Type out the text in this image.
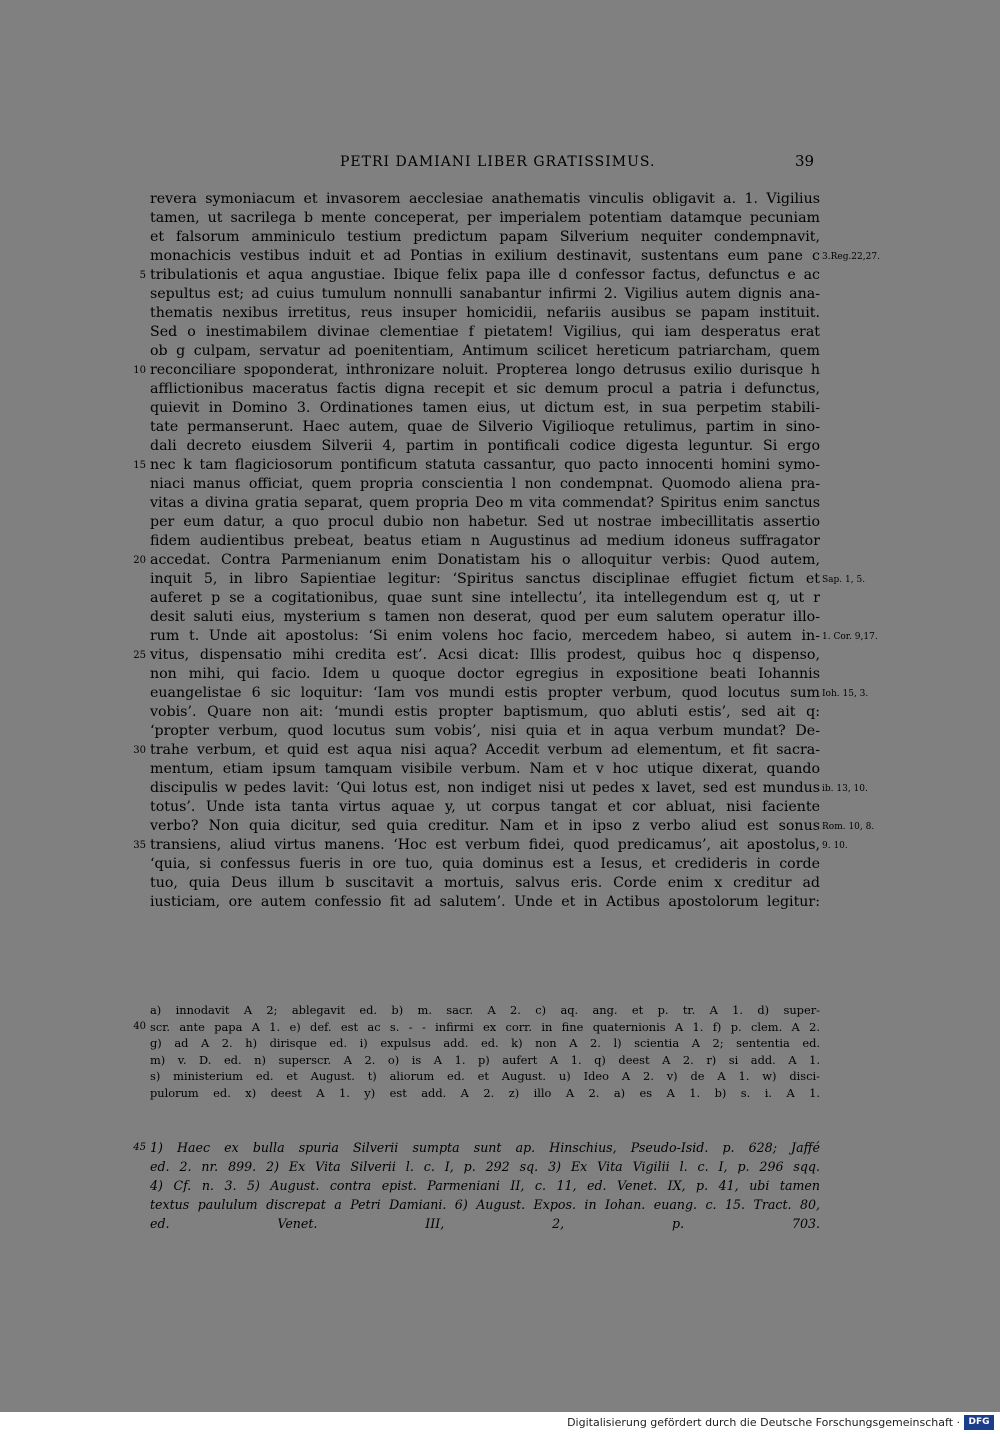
PETRI DAMIANI LIBER GRATISSIMUS.	39
revera symoniacum et invasorem aecclesiae anathematis vinculis obligavit a. 1. Vigilius
tamen, ut sacrilega b mente conceperat, per imperialem potentiam datamque pecuniam
et falsorum amminiculo testium predictum papam Silverium nequiter condempnavit,
monachicis vestibus induit et ad Pontias in exilium destinavit, sustentans eum pane c 3.Reg.22,27.
tribulationis et aqua angustiae. Ibique felix papa ille d confessor factus, defunctus e ac
5
sepultus est; ad cuius tumulum nonnulli sanabantur infirmi 2. Vigilius autem dignis ana-
thematis nexibus irretitus, reus insuper homicidii, nefariis ausibus se papam instituit.
Sed o inestimabilem divinae clementiae f pietatem! Vigilius, qui iam desperatus erat
ob g culpam, servatur ad poenitentiam, Antimum scilicet hereticum patriarcham, quem
reconciliare spoponderat, inthronizare noluit. Propterea longo detrusus exilio durisque h
10
afflictionibus maceratus factis digna recepit et sic demum procul a patria i defunctus,
quievit in Domino 3. Ordinationes tamen eius, ut dictum est, in sua perpetim stabili-
tate permanserunt. Haec autem, quae de Silverio Vigilioque retulimus, partim in sino-
dali decreto eiusdem Silverii 4, partim in pontificali codice digesta leguntur. Si ergo
nec k tam flagiciosorum pontificum statuta cassantur, quo pacto innocenti homini symo-
15
niaci manus officiat, quem propria conscientia l non condempnat. Quomodo aliena pra-
vitas a divina gratia separat, quem propria Deo m vita commendat? Spiritus enim sanctus
per eum datur, a quo procul dubio non habetur. Sed ut nostrae imbecillitatis assertio
fidem audientibus prebeat, beatus etiam n Augustinus ad medium idoneus suffragator
accedat. Contra Parmenianum enim Donatistam his o alloquitur verbis: Quod autem,
20
inquit 5, in libro Sapientiae legitur: ‘Spiritus sanctus disciplinae effugiet fictum et Sap. 1, 5.
auferet p se a cogitationibus, quae sunt sine intellectu’, ita intellegendum est q, ut r
desit saluti eius, mysterium s tamen non deserat, quod per eum salutem operatur illo-
rum t. Unde ait apostolus: ‘Si enim volens hoc facio, mercedem habeo, si autem in- 1. Cor. 9,17.
vitus, dispensatio mihi credita est’. Acsi dicat: Illis prodest, quibus hoc q dispenso,
25
non mihi, qui facio. Idem u quoque doctor egregius in expositione beati Iohannis
euangelistae 6 sic loquitur: ‘Iam vos mundi estis propter verbum, quod locutus sum Ioh. 15, 3.
vobis’. Quare non ait: ‘mundi estis propter baptismum, quo abluti estis’, sed ait q:
‘propter verbum, quod locutus sum vobis’, nisi quia et in aqua verbum mundat? De-
trahe verbum, et quid est aqua nisi aqua? Accedit verbum ad elementum, et fit sacra-
30
mentum, etiam ipsum tamquam visibile verbum. Nam et v hoc utique dixerat, quando
discipulis w pedes lavit: ‘Qui lotus est, non indiget nisi ut pedes x lavet, sed est mundus ib. 13, 10.
totus’. Unde ista tanta virtus aquae y, ut corpus tangat et cor abluat, nisi faciente
verbo? Non quia dicitur, sed quia creditur. Nam et in ipso z verbo aliud est sonus Rom. 10, 8.
transiens, aliud virtus manens. ‘Hoc est verbum fidei, quod predicamus’, ait apostolus,
35	9. 10.
‘quia, si confessus fueris in ore tuo, quia dominus est a Iesus, et credideris in corde
tuo, quia Deus illum b suscitavit a mortuis, salvus eris. Corde enim x creditur ad
iusticiam, ore autem confessio fit ad salutem’. Unde et in Actibus apostolorum legitur:
a) innodavit A 2; ablegavit ed. b) m. sacr. A 2. c) aq. ang. et p. tr. A 1. d) super-
scr. ante papa A 1. e) def. est ac s. - - infirmi ex corr. in fine quaternionis A 1. f) p. clem. A 2.
40
g) ad A 2. h) dirisque ed. i) expulsus add. ed. k) non A 2. l) scientia A 2; sententia ed.
m) v. D. ed. n) superscr. A 2. o) is A 1. p) aufert A 1. q) deest A 2. r) si add. A 1.
s) ministerium ed. et August. t) aliorum ed. et August. u) Ideo A 2. v) de A 1. w) disci-
pulorum ed. x) deest A 1. y) est add. A 2. z) illo A 2. a) es A 1. b) s. i. A 1.
1) Haec ex bulla spuria Silverii sumpta sunt ap. Hinschius, Pseudo-Isid. p. 628; Jaffé
45
ed. 2. nr. 899. 2) Ex Vita Silverii l. c. I, p. 292 sq. 3) Ex Vita Vigilii l. c. I, p. 296 sqq.
4) Cf. n. 3. 5) August. contra epist. Parmeniani II, c. 11, ed. Venet. IX, p. 41, ubi tamen
textus paululum discrepat a Petri Damiani. 6) August. Expos. in Iohan. euang. c. 15. Tract. 80,
ed. Venet. III, 2, p. 703.
Digitalisierung gefördert durch die Deutsche Forschungsgemeinschaft · DFG
